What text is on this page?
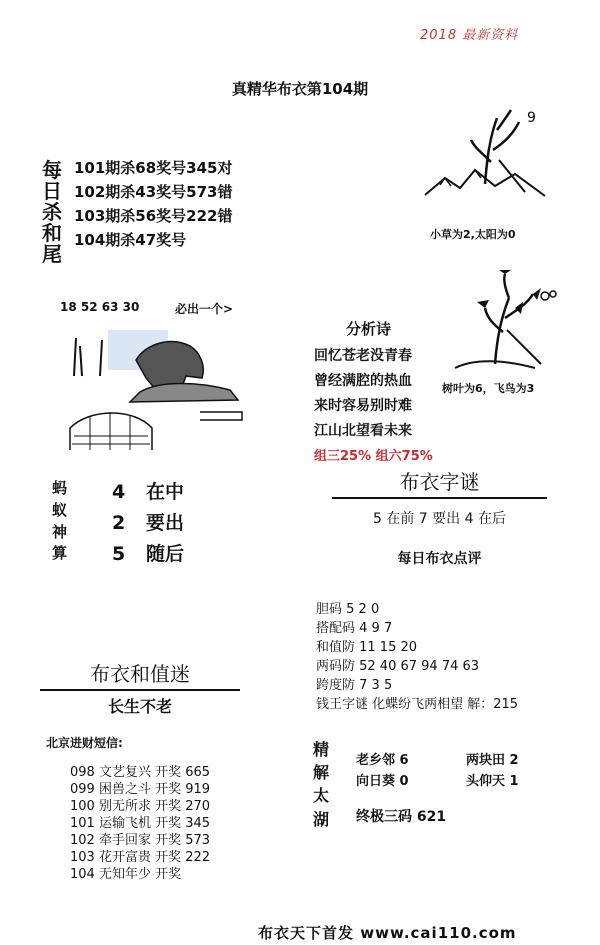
2018 最新资料
真精华布衣第104期
每
日
杀
和
尾
101期杀68奖号345对
102期杀43奖号573错
103期杀56奖号222错
104期杀47奖号
9
小草为2,太阳为0
18 52 63 30	必出一个>
分析诗
回忆苍老没青春
曾经满腔的热血
来时容易别时难
江山北望看未来
组三25% 组六75%
树叶为6，飞鸟为3
蚂
蚁
神
算
4 在中
2 要出
5 随后
布衣字谜
5 在前 7 要出 4 在后
每日布衣点评
胆码 5 2 0
搭配码 4 9 7
和值防 11 15 20
两码防 52 40 67 94 74 63
跨度防 7 3 5
钱王字谜 化蝶纷飞两相望 解：215
布衣和值迷
长生不老
北京进财短信:
098 文艺复兴 开奖 665
099 困兽之斗 开奖 919
100 别无所求 开奖 270
101 运输飞机 开奖 345
102 牵手回家 开奖 573
103 花开富贵 开奖 222
104 无知年少 开奖
精
解
太
湖
老乡邻 6	两块田 2
向日葵 0	头仰天 1
终极三码 621
布衣天下首发 www.cai110.com
